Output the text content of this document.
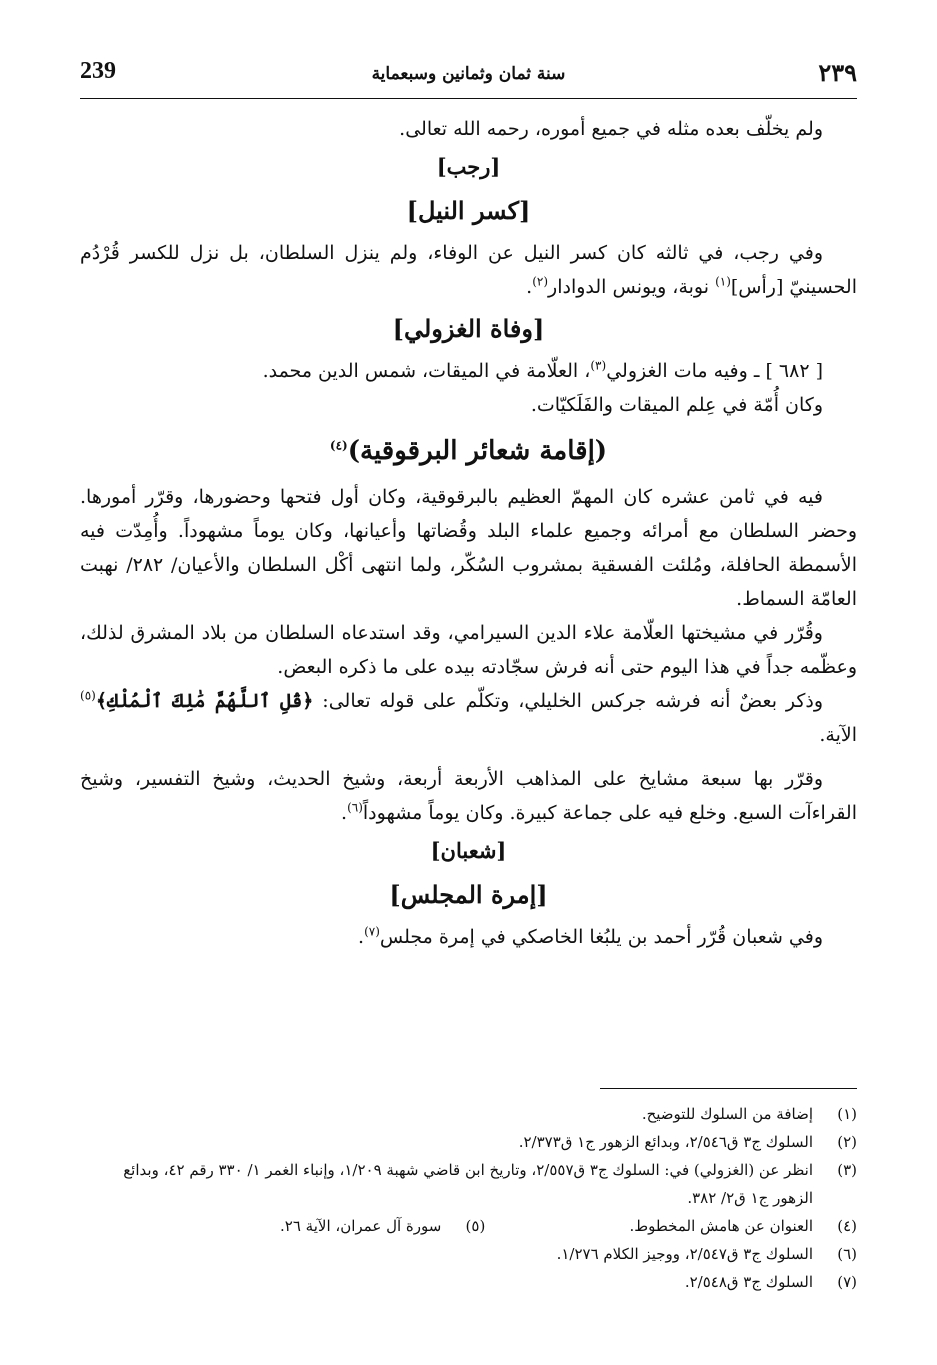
239	سنة ثمان وثمانين وسبعماية	٢٣٩

ولم يخلّف بعده مثله في جميع أموره، رحمه الله تعالى.

[رجب]
[كسر النيل]

وفي رجب، في ثالثه كان كسر النيل عن الوفاء، ولم ينزل السلطان، بل نزل للكسر قُرْدُم الحسينيّ [رأس]$^{(١)}$ نوبة، ويونس الدوادار$^{(٢)}$.

[وفاة الغزولي]

[ ٦٨٢ ] ـ وفيه مات الغزولي$^{(٣)}$، العلّامة في الميقات، شمس الدين محمد.

وكان أُمّة في عِلم الميقات والفَلَكيّات.

(إقامة شعائر البرقوقية)$^{(٤)}$

فيه في ثامن عشره كان المهمّ العظيم بالبرقوقية، وكان أول فتحها وحضورها، وقرّر أمورها. وحضر السلطان مع أمرائه وجميع علماء البلد وقُضاتها وأعيانها، وكان يوماً مشهوداً. وأُمِدّت فيه الأسمطة الحافلة، ومُلئت الفسقية بمشروب السُكّر، ولما انتهى أكْل السلطان والأعيان/ ٢٨٢/ نهبت العامّة السماط.

وقُرّر في مشيختها العلّامة علاء الدين السيرامي، وقد استدعاه السلطان من بلاد المشرق لذلك، وعظّمه جداً في هذا اليوم حتى أنه فرش سجّادته بيده على ما ذكره البعض.

وذكر بعضٌ أنه فرشه جركس الخليلي، وتكلّم على قوله تعالى: ﴿قُلِ ٱللَّهُمَّ مَٰلِكَ ٱلْمُلْكِ﴾$^{(٥)}$ الآية.

وقرّر بها سبعة مشايخ على المذاهب الأربعة أربعة، وشيخ الحديث، وشيخ التفسير، وشيخ القراءآت السبع. وخلع فيه على جماعة كبيرة. وكان يوماً مشهوداً$^{(٦)}$.

[شعبان]
[إمرة المجلس]

وفي شعبان قُرّر أحمد بن يلبُغا الخاصكي في إمرة مجلس$^{(٧)}$.

(١)
إضافة من السلوك للتوضيح.

(٢)
السلوك ج٣ ق٢/٥٤٦، وبدائع الزهور ج١ ق٢/٣٧٣.

(٣)
انظر عن (الغزولي) في: السلوك ج٣ ق٢/٥٥٧، وتاريخ ابن قاضي شهبة ١/٢٠٩، وإنباء الغمر ١/ ٣٣٠ رقم ٤٢، وبدائع الزهور ج١ ق٢/ ٣٨٢.

(٤)
العنوان عن هامش المخطوط.

(٥)
سورة آل عمران، الآية ٢٦.

(٦)
السلوك ج٣ ق٢/٥٤٧، ووجيز الكلام ١/٢٧٦.

(٧)
السلوك ج٣ ق٢/٥٤٨.
